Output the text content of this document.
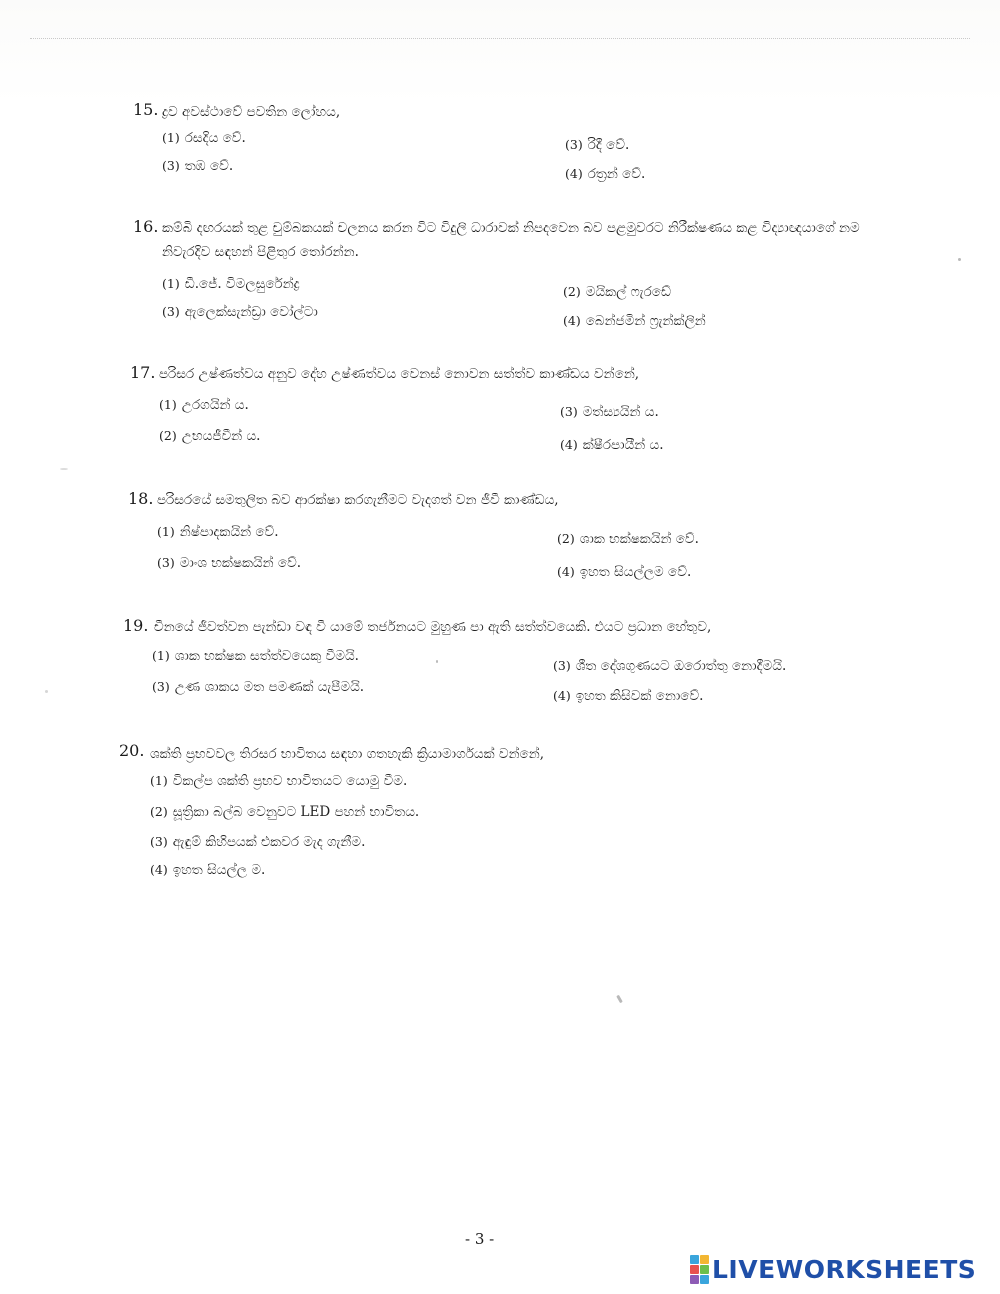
15. ද්‍රව අවස්ථාවේ පවතින ලෝහය,
(1) රසදිය වේ.	(3) රිදී වේ.
(3) තඹ වේ.	(4) රත්‍රන් වේ.
16. කම්බි දඟරයක් තුළ චුම්බකයක් චලනය කරන විට විදුලි ධාරාවක් නිපදවෙන බව පළමුවරට නිරීක්ෂණය කළ විද්‍යාඥයාගේ නම නිවැරදිව සඳහන් පිළිතුර තෝරන්න.
(1) ඩී.ජේ. විමලසුරේන්ද්‍ර	(2) මයිකල් ෆැරඩේ
(3) ඇලෙක්සැන්ඩ්‍රා වෝල්ටා
(4) බෙන්ජමින් ෆ්‍රැන්ක්ලින්
17. පරිසර උෂ්ණත්වය අනුව දේහ උෂ්ණත්වය වෙනස් නොවන සත්ත්ව කාණ්ඩය වන්නේ,
(1) උරගයින් ය.	(3) මත්ස්‍යයින් ය.
(2) උභයජීවීන් ය.
(4) ක්ෂීරපායීන් ය.
18. පරිසරයේ සමතුලිත බව ආරක්ෂා කරගැනීමට වැදගත් වන ජීවී කාණ්ඩය,
(1) නිෂ්පාදකයින් වේ.	(2) ශාක භක්ෂකයින් වේ.
(3) මාංශ භක්ෂකයින් වේ.
(4) ඉහත සියල්ලම වේ.
19. චීනයේ ජීවත්වන පැන්ඩා වඳ වී යාමේ තර්ජනයට මුහුණ පා ඇති සත්ත්වයෙකි. එයට ප්‍රධාන හේතුව,
(1) ශාක භක්ෂක සත්ත්වයෙකු වීමයි.
(3) ශීත දේශගුණයට ඔරොත්තු නොදීමයි.
(3) උණ ශාකය මත පමණක් යැපීමයි.
(4) ඉහත කිසිවක් නොවේ.
20. ශක්ති ප්‍රභවවල තිරසර භාවිතය සඳහා ගතහැකි ක්‍රියාමාර්ගයක් වන්නේ,
(1) විකල්ප ශක්ති ප්‍රභව භාවිතයට යොමු වීම.
(2) සූත්‍රිකා බල්බ වෙනුවට LED පහන් භාවිතය.
(3) ඇඳුම් කිහිපයක් එකවර මැද ගැනීම.
(4) ඉහත සියල්ල ම.
- 3 -
LIVEWORKSHEETS
